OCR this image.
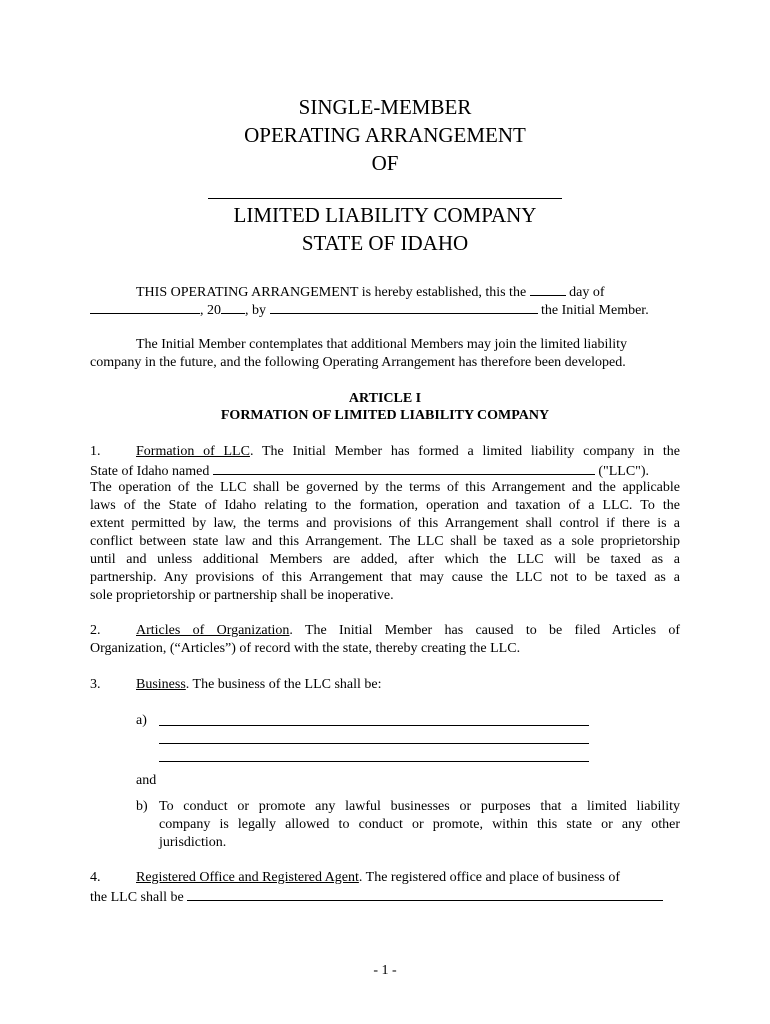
SINGLE-MEMBER
OPERATING ARRANGEMENT
OF
LIMITED LIABILITY COMPANY
STATE OF IDAHO
THIS OPERATING ARRANGEMENT is hereby established, this the	day of
, 20 , by	the Initial Member.
The Initial Member contemplates that additional Members may join the limited liability
company in the future, and the following Operating Arrangement has therefore been developed.
ARTICLE I
FORMATION OF LIMITED LIABILITY COMPANY
1.	Formation of LLC. The Initial Member has formed a limited liability company in the
State of Idaho named	("LLC").
The operation of the LLC shall be governed by the terms of this Arrangement and the applicable
laws of the State of Idaho relating to the formation, operation and taxation of a LLC. To the
extent permitted by law, the terms and provisions of this Arrangement shall control if there is a
conflict between state law and this Arrangement. The LLC shall be taxed as a sole proprietorship
until and unless additional Members are added, after which the LLC will be taxed as a
partnership. Any provisions of this Arrangement that may cause the LLC not to be taxed as a
sole proprietorship or partnership shall be inoperative.
2.	Articles of Organization. The Initial Member has caused to be filed Articles of
Organization, (“Articles”) of record with the state, thereby creating the LLC.
3.	Business. The business of the LLC shall be:
a)
and
b) To conduct or promote any lawful businesses or purposes that a limited liability
company is legally allowed to conduct or promote, within this state or any other
jurisdiction.
4.	Registered Office and Registered Agent. The registered office and place of business of
the LLC shall be
- 1 -
